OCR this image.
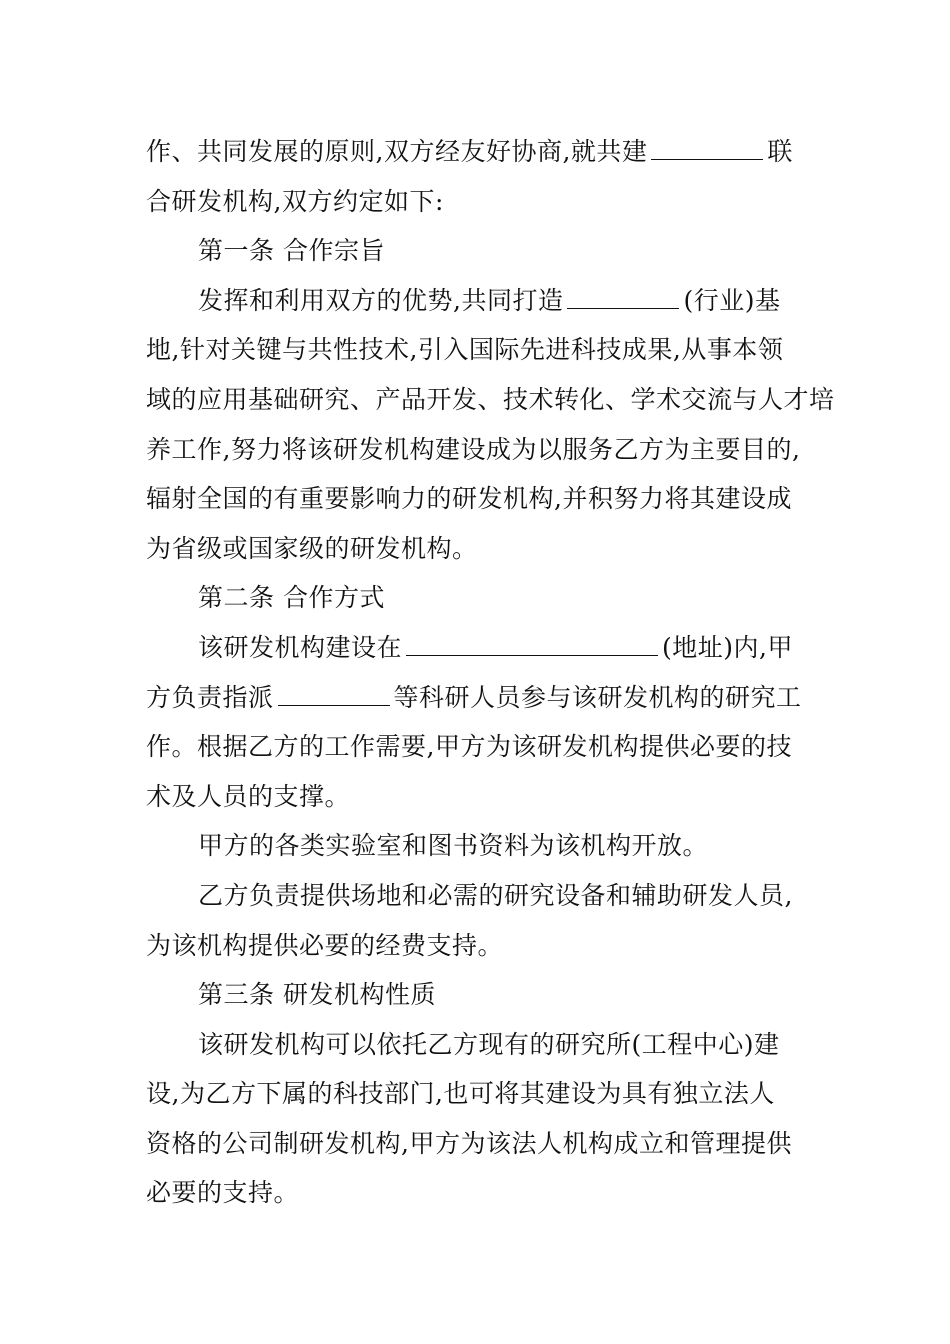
作、共同发展的原则,双方经友好协商,就共建	联
合研发机构,双方约定如下:
第一条 合作宗旨
发挥和利用双方的优势,共同打造	(行业)基
地,针对关键与共性技术,引入国际先进科技成果,从事本领
域的应用基础研究、产品开发、技术转化、学术交流与人才培
养工作,努力将该研发机构建设成为以服务乙方为主要目的,
辐射全国的有重要影响力的研发机构,并积努力将其建设成
为省级或国家级的研发机构。
第二条 合作方式
该研发机构建设在	(地址)内,甲
方负责指派	等科研人员参与该研发机构的研究工
作。根据乙方的工作需要,甲方为该研发机构提供必要的技
术及人员的支撑。
甲方的各类实验室和图书资料为该机构开放。
乙方负责提供场地和必需的研究设备和辅助研发人员,
为该机构提供必要的经费支持。
第三条 研发机构性质
该研发机构可以依托乙方现有的研究所(工程中心)建
设,为乙方下属的科技部门,也可将其建设为具有独立法人
资格的公司制研发机构,甲方为该法人机构成立和管理提供
必要的支持。
